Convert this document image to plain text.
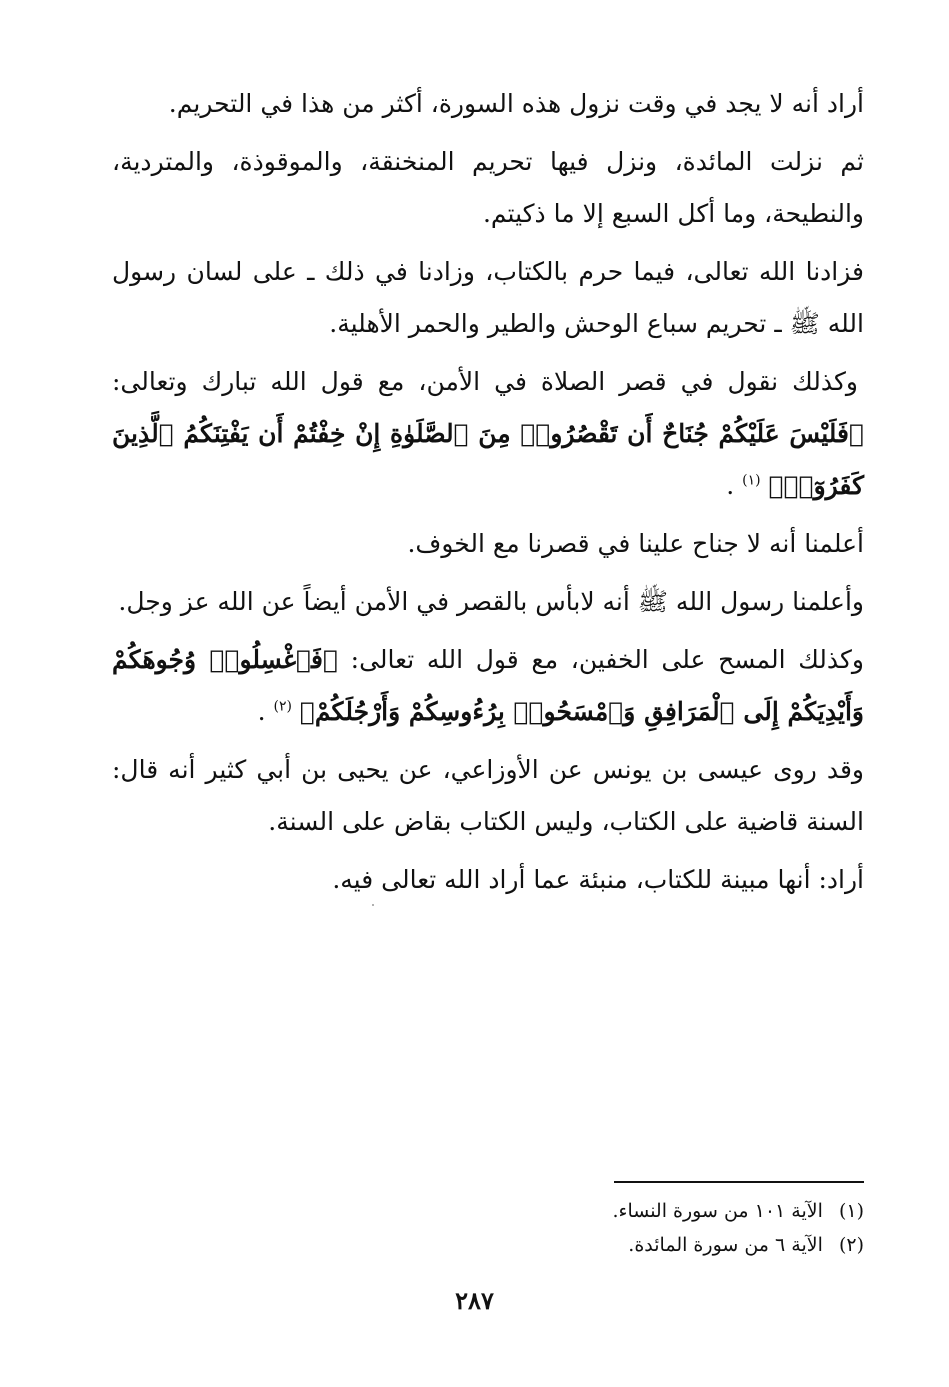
أراد أنه لا يجد في وقت نزول هذه السورة، أكثر من هذا في التحريم.

ثم نزلت المائدة، ونزل فيها تحريم المنخنقة، والموقوذة، والمتردية، والنطيحة، وما أكل السبع إلا ما ذكيتم.

فزادنا الله تعالى، فيما حرم بالكتاب، وزادنا في ذلك ـ على لسان رسول الله ﷺ ـ تحريم سباع الوحش والطير والحمر الأهلية.

وكذلك نقول في قصر الصلاة في الأمن، مع قول الله تبارك وتعالى: ﴿فَلَيْسَ عَلَيْكُمْ جُنَاحٌ أَن تَقْصُرُوا۟ مِنَ ٱلصَّلَوٰةِ إِنْ خِفْتُمْ أَن يَفْتِنَكُمُ ٱلَّذِينَ كَفَرُوٓا۟﴾ $^{(١)}$ .

أعلمنا أنه لا جناح علينا في قصرنا مع الخوف.

وأعلمنا رسول الله ﷺ أنه لابأس بالقصر في الأمن أيضاً عن الله عز وجل.

وكذلك المسح على الخفين، مع قول الله تعالى: ﴿فَٱغْسِلُوا۟ وُجُوهَكُمْ وَأَيْدِيَكُمْ إِلَى ٱلْمَرَافِقِ وَٱمْسَحُوا۟ بِرُءُوسِكُمْ وَأَرْجُلَكُمْ﴾ $^{(٢)}$ .

وقد روى عيسى بن يونس عن الأوزاعي، عن يحيى بن أبي كثير أنه قال: السنة قاضية على الكتاب، وليس الكتاب بقاض على السنة.

أراد: أنها مبينة للكتاب، منبئة عما أراد الله تعالى فيه.

(١) الآية ١٠١ من سورة النساء.
(٢) الآية ٦ من سورة المائدة.
٢٨٧
